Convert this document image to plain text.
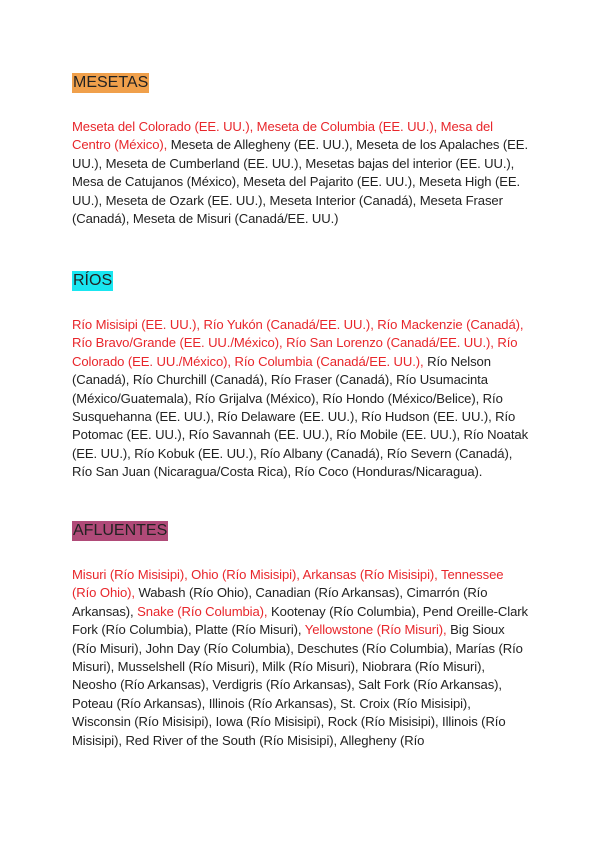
MESETAS
Meseta del Colorado (EE. UU.), Meseta de Columbia (EE. UU.), Mesa del Centro (México), Meseta de Allegheny (EE. UU.), Meseta de los Apalaches (EE. UU.), Meseta de Cumberland (EE. UU.), Mesetas bajas del interior (EE. UU.), Mesa de Catujanos (México), Meseta del Pajarito (EE. UU.), Meseta High (EE. UU.), Meseta de Ozark (EE. UU.), Meseta Interior (Canadá), Meseta Fraser (Canadá), Meseta de Misuri (Canadá/EE. UU.)
RÍOS
Río Misisipi (EE. UU.), Río Yukón (Canadá/EE. UU.), Río Mackenzie (Canadá), Río Bravo/Grande (EE. UU./México), Río San Lorenzo (Canadá/EE. UU.), Río Colorado (EE. UU./México), Río Columbia (Canadá/EE. UU.), Río Nelson (Canadá), Río Churchill (Canadá), Río Fraser (Canadá), Río Usumacinta (México/Guatemala), Río Grijalva (México), Río Hondo (México/Belice), Río Susquehanna (EE. UU.), Río Delaware (EE. UU.), Río Hudson (EE. UU.), Río Potomac (EE. UU.), Río Savannah (EE. UU.), Río Mobile (EE. UU.), Río Noatak (EE. UU.), Río Kobuk (EE. UU.), Río Albany (Canadá), Río Severn (Canadá), Río San Juan (Nicaragua/Costa Rica), Río Coco (Honduras/Nicaragua).
AFLUENTES
Misuri (Río Misisipi), Ohio (Río Misisipi), Arkansas (Río Misisipi), Tennessee (Río Ohio), Wabash (Río Ohio), Canadian (Río Arkansas), Cimarrón (Río Arkansas), Snake (Río Columbia), Kootenay (Río Columbia), Pend Oreille-Clark Fork (Río Columbia), Platte (Río Misuri), Yellowstone (Río Misuri), Big Sioux (Río Misuri), John Day (Río Columbia), Deschutes (Río Columbia), Marías (Río Misuri), Musselshell (Río Misuri), Milk (Río Misuri), Niobrara (Río Misuri), Neosho (Río Arkansas), Verdigris (Río Arkansas), Salt Fork (Río Arkansas), Poteau (Río Arkansas), Illinois (Río Arkansas), St. Croix (Río Misisipi), Wisconsin (Río Misisipi), Iowa (Río Misisipi), Rock (Río Misisipi), Illinois (Río Misisipi), Red River of the South (Río Misisipi), Allegheny (Río
